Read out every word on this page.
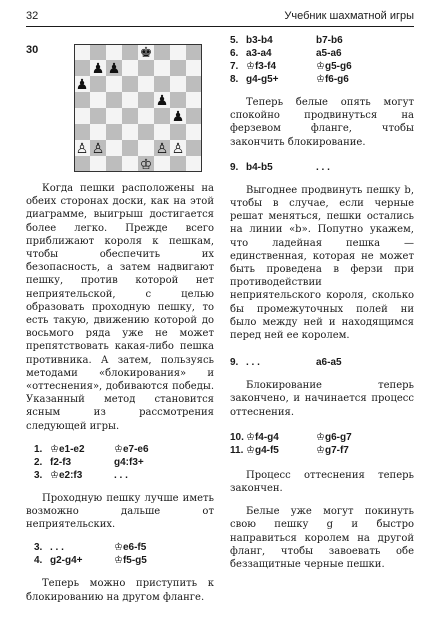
32	Учебник шахматной игры
30	♚
♟ ♟
♟
♟
♟
♙ ♙	♙ ♙
♔

Когда пешки расположены на обеих сторонах доски, как на этой диаграмме, выигрыш достигается более легко. Прежде всего приближают короля к пешкам, чтобы обеспечить их безопасность, а затем надвигают пешку, против которой нет неприятельской, с целью образовать проходную пешку, то есть такую, движению которой до восьмого ряда уже не может препятствовать какая-либо пешка противника. А затем, пользуясь методами «блокирования» и «оттеснения», добиваются победы. Указанный метод становится ясным из рассмотрения следующей игры.

1. ♔e1-e2	♔e7-e6
2. f2-f3	g4:f3+
3. ♔e2:f3	. . .

Проходную пешку лучше иметь возможно дальше от неприятельских.

3. . . .	♔e6-f5
4. g2-g4+	♔f5-g5

Теперь можно приступить к блокированию на другом фланге.

5. b3-b4	b7-b6
6. a3-a4	a5-a6
7. ♔f3-f4	♔g5-g6
8. g4-g5+	♔f6-g6

Теперь белые опять могут спокойно продвинуться на ферзевом фланге, чтобы закончить блокирование.

9. b4-b5	. . .

Выгоднее продвинуть пешку b, чтобы в случае, если черные решат меняться, пешки остались на линии «b». Попутно укажем, что ладейная пешка — единственная, которая не может быть проведена в ферзи при противодействии неприятельского короля, сколько бы промежуточных полей ни было между ней и находящимся перед ней ее королем.

9. . . .	a6-a5

Блокирование теперь закончено, и начинается процесс оттеснения.

10. ♔f4-g4	♔g6-g7
11. ♔g4-f5	♔g7-f7

Процесс оттеснения теперь закончен.

Белые уже могут покинуть свою пешку g и быстро направиться королем на другой фланг, чтобы завоевать обе беззащитные черные пешки.
